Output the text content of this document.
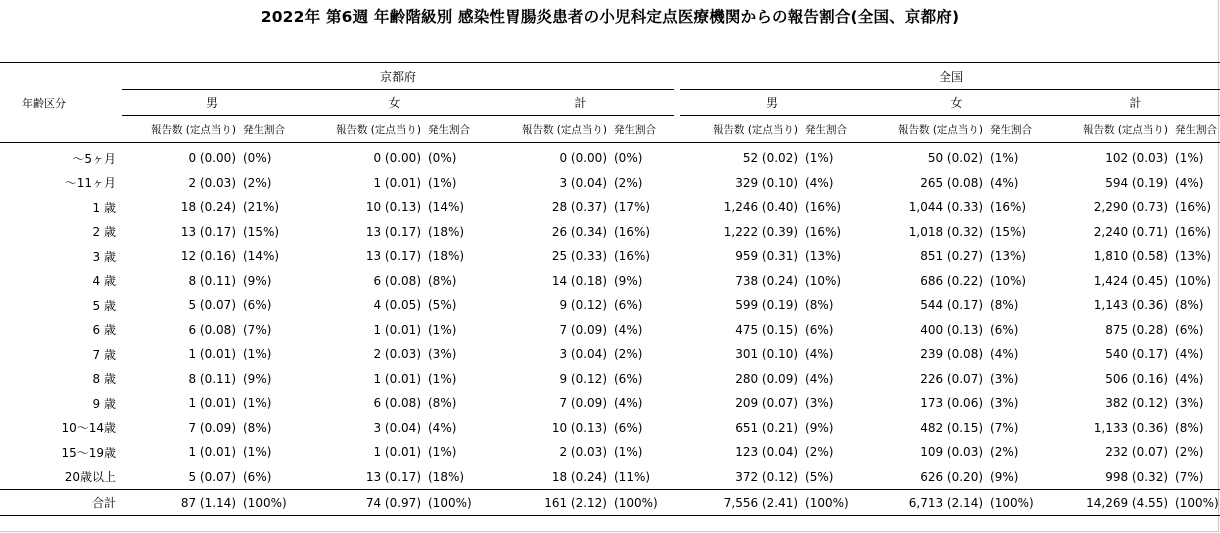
2022年 第6週 年齢階級別 感染性胃腸炎患者の小児科定点医療機関からの報告割合(全国、京都府)
年齢区分	京都府							全国					
	男		女		計			男		女		計	
	報告数 (定点当り)	発生割合	報告数 (定点当り)	発生割合	報告数 (定点当り)	発生割合		報告数 (定点当り)	発生割合	報告数 (定点当り)	発生割合	報告数 (定点当り)	発生割合
～5ヶ月	0 (0.00)	(0%)	0 (0.00)	(0%)	0 (0.00)	(0%)		52 (0.02)	(1%)	50 (0.02)	(1%)	102 (0.03)	(1%)
～11ヶ月	2 (0.03)	(2%)	1 (0.01)	(1%)	3 (0.04)	(2%)		329 (0.10)	(4%)	265 (0.08)	(4%)	594 (0.19)	(4%)
1 歳	18 (0.24)	(21%)	10 (0.13)	(14%)	28 (0.37)	(17%)		1,246 (0.40)	(16%)	1,044 (0.33)	(16%)	2,290 (0.73)	(16%)
2 歳	13 (0.17)	(15%)	13 (0.17)	(18%)	26 (0.34)	(16%)		1,222 (0.39)	(16%)	1,018 (0.32)	(15%)	2,240 (0.71)	(16%)
3 歳	12 (0.16)	(14%)	13 (0.17)	(18%)	25 (0.33)	(16%)		959 (0.31)	(13%)	851 (0.27)	(13%)	1,810 (0.58)	(13%)
4 歳	8 (0.11)	(9%)	6 (0.08)	(8%)	14 (0.18)	(9%)		738 (0.24)	(10%)	686 (0.22)	(10%)	1,424 (0.45)	(10%)
5 歳	5 (0.07)	(6%)	4 (0.05)	(5%)	9 (0.12)	(6%)		599 (0.19)	(8%)	544 (0.17)	(8%)	1,143 (0.36)	(8%)
6 歳	6 (0.08)	(7%)	1 (0.01)	(1%)	7 (0.09)	(4%)		475 (0.15)	(6%)	400 (0.13)	(6%)	875 (0.28)	(6%)
7 歳	1 (0.01)	(1%)	2 (0.03)	(3%)	3 (0.04)	(2%)		301 (0.10)	(4%)	239 (0.08)	(4%)	540 (0.17)	(4%)
8 歳	8 (0.11)	(9%)	1 (0.01)	(1%)	9 (0.12)	(6%)		280 (0.09)	(4%)	226 (0.07)	(3%)	506 (0.16)	(4%)
9 歳	1 (0.01)	(1%)	6 (0.08)	(8%)	7 (0.09)	(4%)		209 (0.07)	(3%)	173 (0.06)	(3%)	382 (0.12)	(3%)
10～14歳	7 (0.09)	(8%)	3 (0.04)	(4%)	10 (0.13)	(6%)		651 (0.21)	(9%)	482 (0.15)	(7%)	1,133 (0.36)	(8%)
15～19歳	1 (0.01)	(1%)	1 (0.01)	(1%)	2 (0.03)	(1%)		123 (0.04)	(2%)	109 (0.03)	(2%)	232 (0.07)	(2%)
20歳以上	5 (0.07)	(6%)	13 (0.17)	(18%)	18 (0.24)	(11%)		372 (0.12)	(5%)	626 (0.20)	(9%)	998 (0.32)	(7%)
合計	87 (1.14)	(100%)	74 (0.97)	(100%)	161 (2.12)	(100%)		7,556 (2.41)	(100%)	6,713 (2.14)	(100%)	14,269 (4.55)	(100%)
